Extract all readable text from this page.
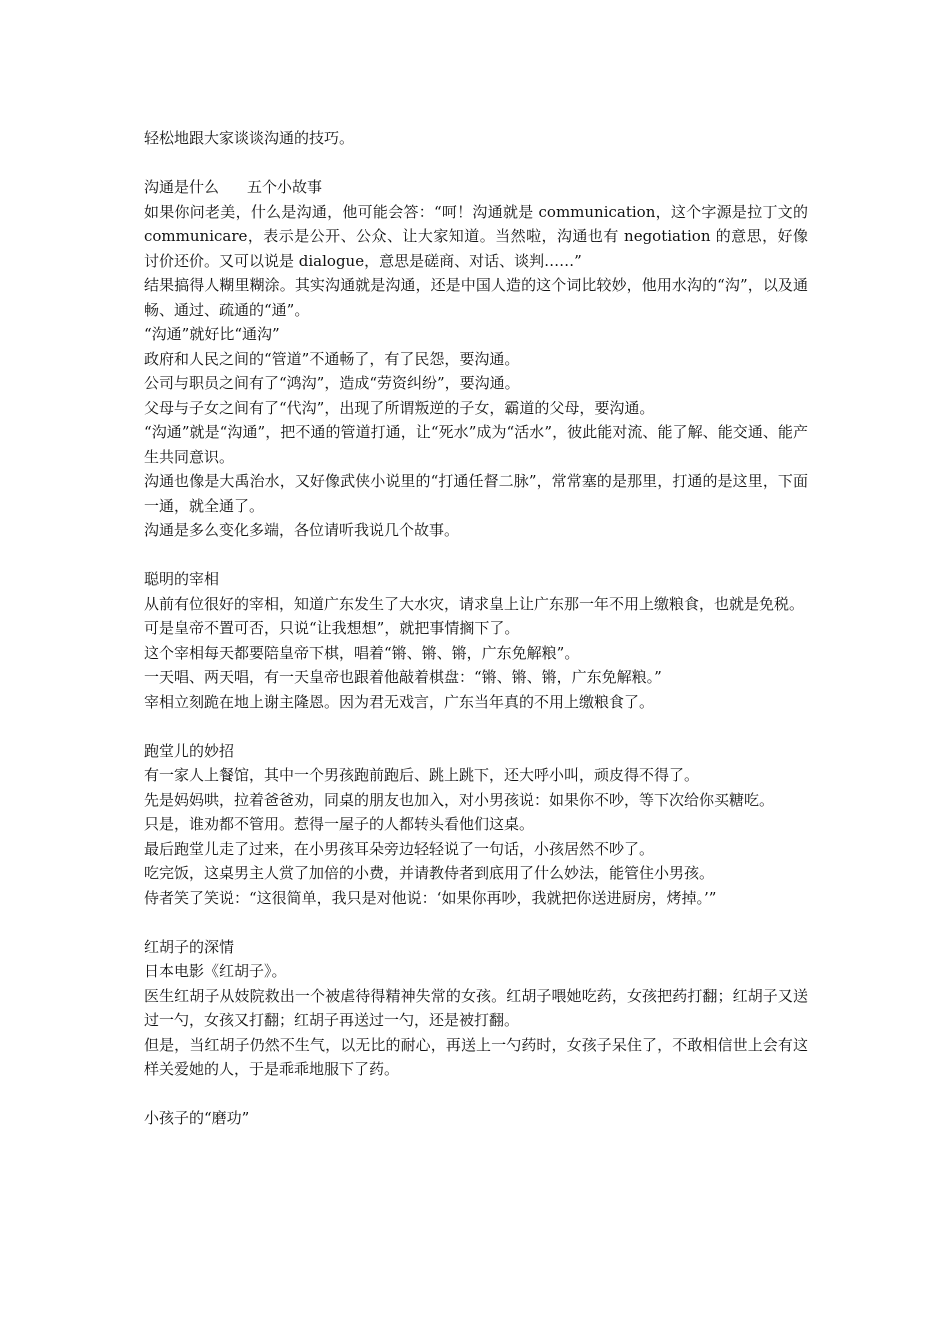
轻松地跟大家谈谈沟通的技巧。

沟通是什么 五个小故事

如果你问老美，什么是沟通，他可能会答：“呵！沟通就是 communication，这个字源是拉丁文的 communicare，表示是公开、公众、让大家知道。当然啦，沟通也有 negotiation 的意思，好像讨价还价。又可以说是 dialogue，意思是磋商、对话、谈判……”

结果搞得人糊里糊涂。其实沟通就是沟通，还是中国人造的这个词比较妙，他用水沟的“沟”，以及通畅、通过、疏通的“通”。

“沟通”就好比“通沟”

政府和人民之间的“管道”不通畅了，有了民怨，要沟通。

公司与职员之间有了“鸿沟”，造成“劳资纠纷”，要沟通。

父母与子女之间有了“代沟”，出现了所谓叛逆的子女，霸道的父母，要沟通。

“沟通”就是“沟通”，把不通的管道打通，让“死水”成为“活水”，彼此能对流、能了解、能交通、能产生共同意识。

沟通也像是大禹治水，又好像武侠小说里的“打通任督二脉”，常常塞的是那里，打通的是这里，下面一通，就全通了。

沟通是多么变化多端，各位请听我说几个故事。

聪明的宰相

从前有位很好的宰相，知道广东发生了大水灾，请求皇上让广东那一年不用上缴粮食，也就是免税。

可是皇帝不置可否，只说“让我想想”，就把事情搁下了。

这个宰相每天都要陪皇帝下棋，唱着“锵、锵、锵，广东免解粮”。

一天唱、两天唱，有一天皇帝也跟着他敲着棋盘：“锵、锵、锵，广东免解粮。”

宰相立刻跪在地上谢主隆恩。因为君无戏言，广东当年真的不用上缴粮食了。

跑堂儿的妙招

有一家人上餐馆，其中一个男孩跑前跑后、跳上跳下，还大呼小叫，顽皮得不得了。

先是妈妈哄，拉着爸爸劝，同桌的朋友也加入，对小男孩说：如果你不吵，等下次给你买糖吃。

只是，谁劝都不管用。惹得一屋子的人都转头看他们这桌。

最后跑堂儿走了过来，在小男孩耳朵旁边轻轻说了一句话，小孩居然不吵了。

吃完饭，这桌男主人赏了加倍的小费，并请教侍者到底用了什么妙法，能管住小男孩。

侍者笑了笑说：“这很简单，我只是对他说：‘如果你再吵，我就把你送进厨房，烤掉。’”

红胡子的深情

日本电影《红胡子》。

医生红胡子从妓院救出一个被虐待得精神失常的女孩。红胡子喂她吃药，女孩把药打翻；红胡子又送过一勺，女孩又打翻；红胡子再送过一勺，还是被打翻。

但是，当红胡子仍然不生气，以无比的耐心，再送上一勺药时，女孩子呆住了，不敢相信世上会有这样关爱她的人，于是乖乖地服下了药。

小孩子的“磨功”
